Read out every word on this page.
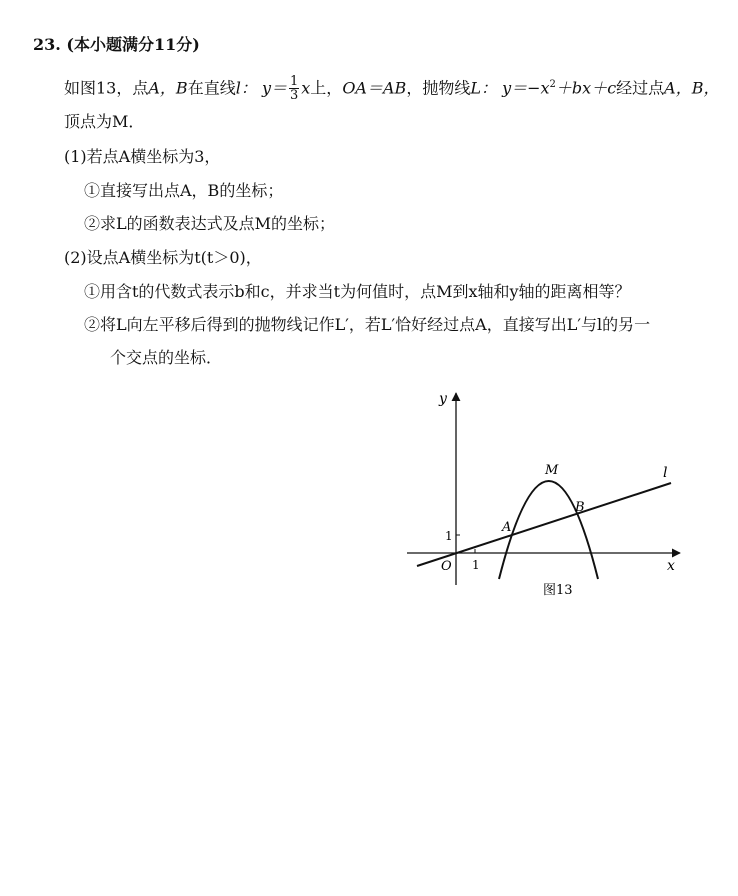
23. (本小题满分11分)
如图13，点A，B在直线l： $y= \frac{1}{3}$ x上，OA＝AB，抛物线L： $y=-x^2+bx+c$经过点A，B，
顶点为M．
(1)若点A横坐标为3，
①直接写出点A，B的坐标；
②求L的函数表达式及点M的坐标；
(2)设点A横坐标为t(t＞0)，
①用含t的代数式表示b和c，并求当t为何值时，点M到x轴和y轴的距离相等？
②将L向左平移后得到的抛物线记作L′，若L′恰好经过点A，直接写出L′与l的另一
个交点的坐标．
y
x
O 1
1
A
B
M	l
图13
